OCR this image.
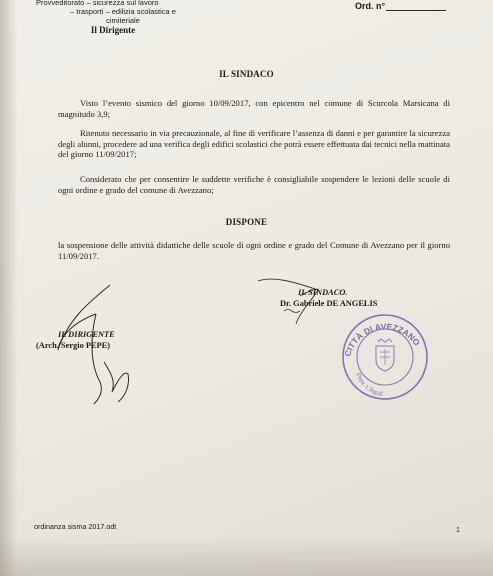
Provveditorato – sicurezza sul lavoro
– trasporti – edilizia scolastica e
cimiteriale
Il Dirigente
Ord. n°
IL SINDACO
Visto l’evento sismico del giorno 10/09/2017, con epicentro nel comune di Scurcola Marsicana di magnitudo 3,9;
Ritenuto necessario in via precauzionale, al fine di verificare l’assenza di danni e per garantire la sicurezza degli alunni, procedere ad una verifica degli edifici scolastici che potrà essere effettuata dai tecnici nella mattinata del giorno 11/09/2017;
Considerato che per consentire le suddette verifiche è consigliabile sospendere le lezioni delle scuole di ogni ordine e grado del comune di Avezzano;
DISPONE
la sospensione delle attività didattiche delle scuole di ogni ordine e grado del Comune di Avezzano per il giorno 11/09/2017.
IL SINDACO.
Dr. Gabriele DE ANGELIS
CITTÀ DI AVEZZANO
Prov. L'Aquil
IL DIRIGENTE
(Arch. Sergio PEPE)
ordinanza sisma 2017.odt	1
